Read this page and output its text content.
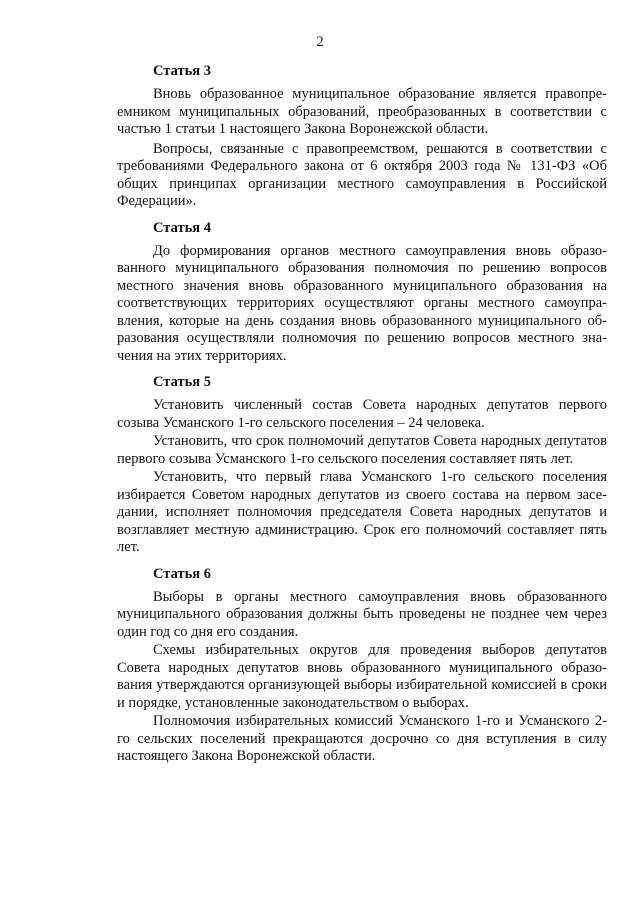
2

Статья 3

Вновь образованное муниципальное образование является правопреемником муниципальных образований, преобразованных в соответствии с частью 1 статьи 1 настоящего Закона Воронежской области.

Вопросы, связанные с правопреемством, решаются в соответствии с требованиями Федерального закона от 6 октября 2003 года № 131-ФЗ «Об общих принципах организации местного самоуправления в Российской Федерации».

Статья 4

До формирования органов местного самоуправления вновь образованного муниципального образования полномочия по решению вопросов местного значения вновь образованного муниципального образования на соответствующих территориях осуществляют органы местного самоуправления, которые на день создания вновь образованного муниципального образования осуществляли полномочия по решению вопросов местного значения на этих территориях.

Статья 5

Установить численный состав Совета народных депутатов первого созыва Усманского 1-го сельского поселения – 24 человека.

Установить, что срок полномочий депутатов Совета народных депутатов первого созыва Усманского 1-го сельского поселения составляет пять лет.

Установить, что первый глава Усманского 1-го сельского поселения избирается Советом народных депутатов из своего состава на первом заседании, исполняет полномочия председателя Совета народных депутатов и возглавляет местную администрацию. Срок его полномочий составляет пять лет.

Статья 6

Выборы в органы местного самоуправления вновь образованного муниципального образования должны быть проведены не позднее чем через один год со дня его создания.

Схемы избирательных округов для проведения выборов депутатов Совета народных депутатов вновь образованного муниципального образования утверждаются организующей выборы избирательной комиссией в сроки и порядке, установленные законодательством о выборах.

Полномочия избирательных комиссий Усманского 1-го и Усманского 2-го сельских поселений прекращаются досрочно со дня вступления в силу настоящего Закона Воронежской области.
